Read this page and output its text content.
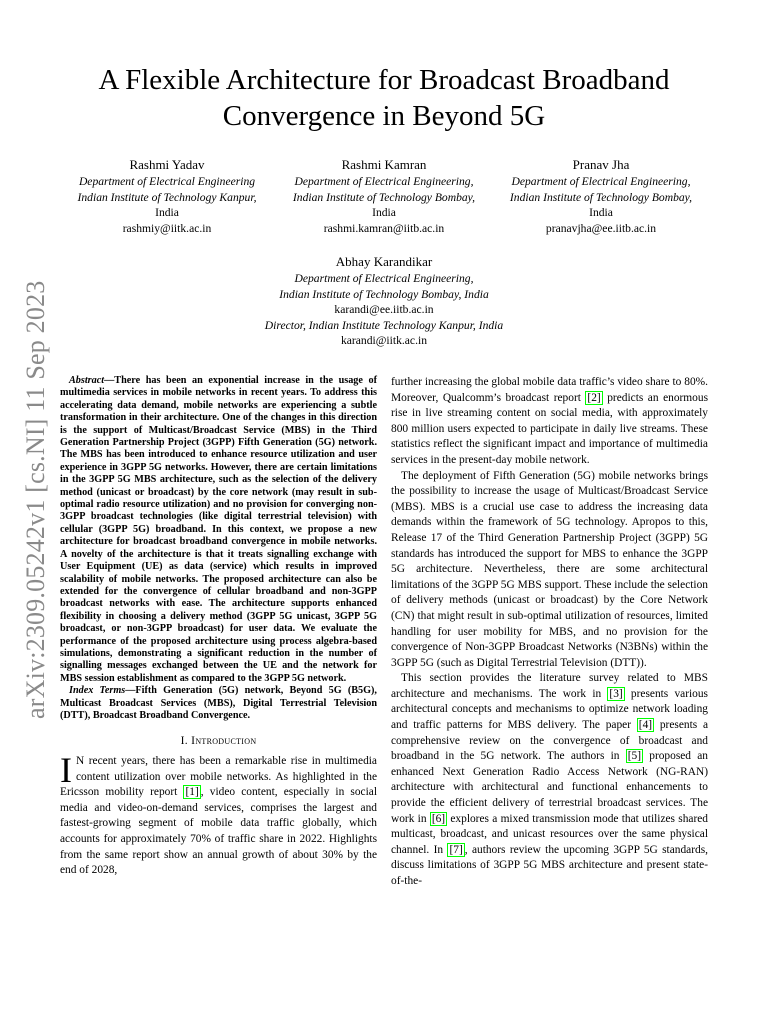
arXiv:2309.05242v1 [cs.NI] 11 Sep 2023
A Flexible Architecture for Broadcast Broadband
Convergence in Beyond 5G
Rashmi Yadav
Department of Electrical Engineering
Indian Institute of Technology Kanpur,
India
rashmiy@iitk.ac.in
Rashmi Kamran
Department of Electrical Engineering,
Indian Institute of Technology Bombay,
India
rashmi.kamran@iitb.ac.in
Pranav Jha
Department of Electrical Engineering,
Indian Institute of Technology Bombay,
India
pranavjha@ee.iitb.ac.in
Abhay Karandikar
Department of Electrical Engineering,
Indian Institute of Technology Bombay, India
karandi@ee.iitb.ac.in
Director, Indian Institute Technology Kanpur, India
karandi@iitk.ac.in

Abstract—There has been an exponential increase in the usage of multimedia services in mobile networks in recent years. To address this accelerating data demand, mobile networks are experiencing a subtle transformation in their architecture. One of the changes in this direction is the support of Multicast/Broadcast Service (MBS) in the Third Generation Partnership Project (3GPP) Fifth Generation (5G) network. The MBS has been introduced to enhance resource utilization and user experience in 3GPP 5G networks. However, there are certain limitations in the 3GPP 5G MBS architecture, such as the selection of the delivery method (unicast or broadcast) by the core network (may result in sub-optimal radio resource utilization) and no provision for converging non-3GPP broadcast technologies (like digital terrestrial television) with cellular (3GPP 5G) broadband. In this context, we propose a new architecture for broadcast broadband convergence in mobile networks. A novelty of the architecture is that it treats signalling exchange with User Equipment (UE) as data (service) which results in improved scalability of mobile networks. The proposed architecture can also be extended for the convergence of cellular broadband and non-3GPP broadcast networks with ease. The architecture supports enhanced flexibility in choosing a delivery method (3GPP 5G unicast, 3GPP 5G broadcast, or non-3GPP broadcast) for user data. We evaluate the performance of the proposed architecture using process algebra-based simulations, demonstrating a significant reduction in the number of signalling messages exchanged between the UE and the network for MBS session establishment as compared to the 3GPP 5G network.

Index Terms—Fifth Generation (5G) network, Beyond 5G (B5G), Multicast Broadcast Services (MBS), Digital Terrestrial Television (DTT), Broadcast Broadband Convergence.

I. Introduction

I N recent years, there has been a remarkable rise in multimedia content utilization over mobile networks. As highlighted in the Ericsson mobility report [1] , video content, especially in social media and video-on-demand services, comprises the largest and fastest-growing segment of mobile data traffic globally, which accounts for approximately 70% of traffic share in 2022. Highlights from the same report show an annual growth of about 30% by the end of 2028,

further increasing the global mobile data traffic’s video share to 80%. Moreover, Qualcomm’s broadcast report [2] predicts an enormous rise in live streaming content on social media, with approximately 800 million users expected to participate in daily live streams. These statistics reflect the significant impact and importance of multimedia services in the present-day mobile network.

The deployment of Fifth Generation (5G) mobile networks brings the possibility to increase the usage of Multicast/Broadcast Service (MBS). MBS is a crucial use case to address the increasing data demands within the framework of 5G technology. Apropos to this, Release 17 of the Third Generation Partnership Project (3GPP) 5G standards has introduced the support for MBS to enhance the 3GPP 5G architecture. Nevertheless, there are some architectural limitations of the 3GPP 5G MBS support. These include the selection of delivery methods (unicast or broadcast) by the Core Network (CN) that might result in sub-optimal utilization of resources, limited handling for user mobility for MBS, and no provision for the convergence of Non-3GPP Broadcast Networks (N3BNs) within the 3GPP 5G (such as Digital Terrestrial Television (DTT)).

This section provides the literature survey related to MBS architecture and mechanisms. The work in [3] presents various architectural concepts and mechanisms to optimize network loading and traffic patterns for MBS delivery. The paper [4] presents a comprehensive review on the convergence of broadcast and broadband in the 5G network. The authors in [5] proposed an enhanced Next Generation Radio Access Network (NG-RAN) architecture with architectural and functional enhancements to provide the efficient delivery of terrestrial broadcast services. The work in [6] explores a mixed transmission mode that utilizes shared multicast, broadcast, and unicast resources over the same physical channel. In [7] , authors review the upcoming 3GPP 5G standards, discuss limitations of 3GPP 5G MBS architecture and present state-of-the-
